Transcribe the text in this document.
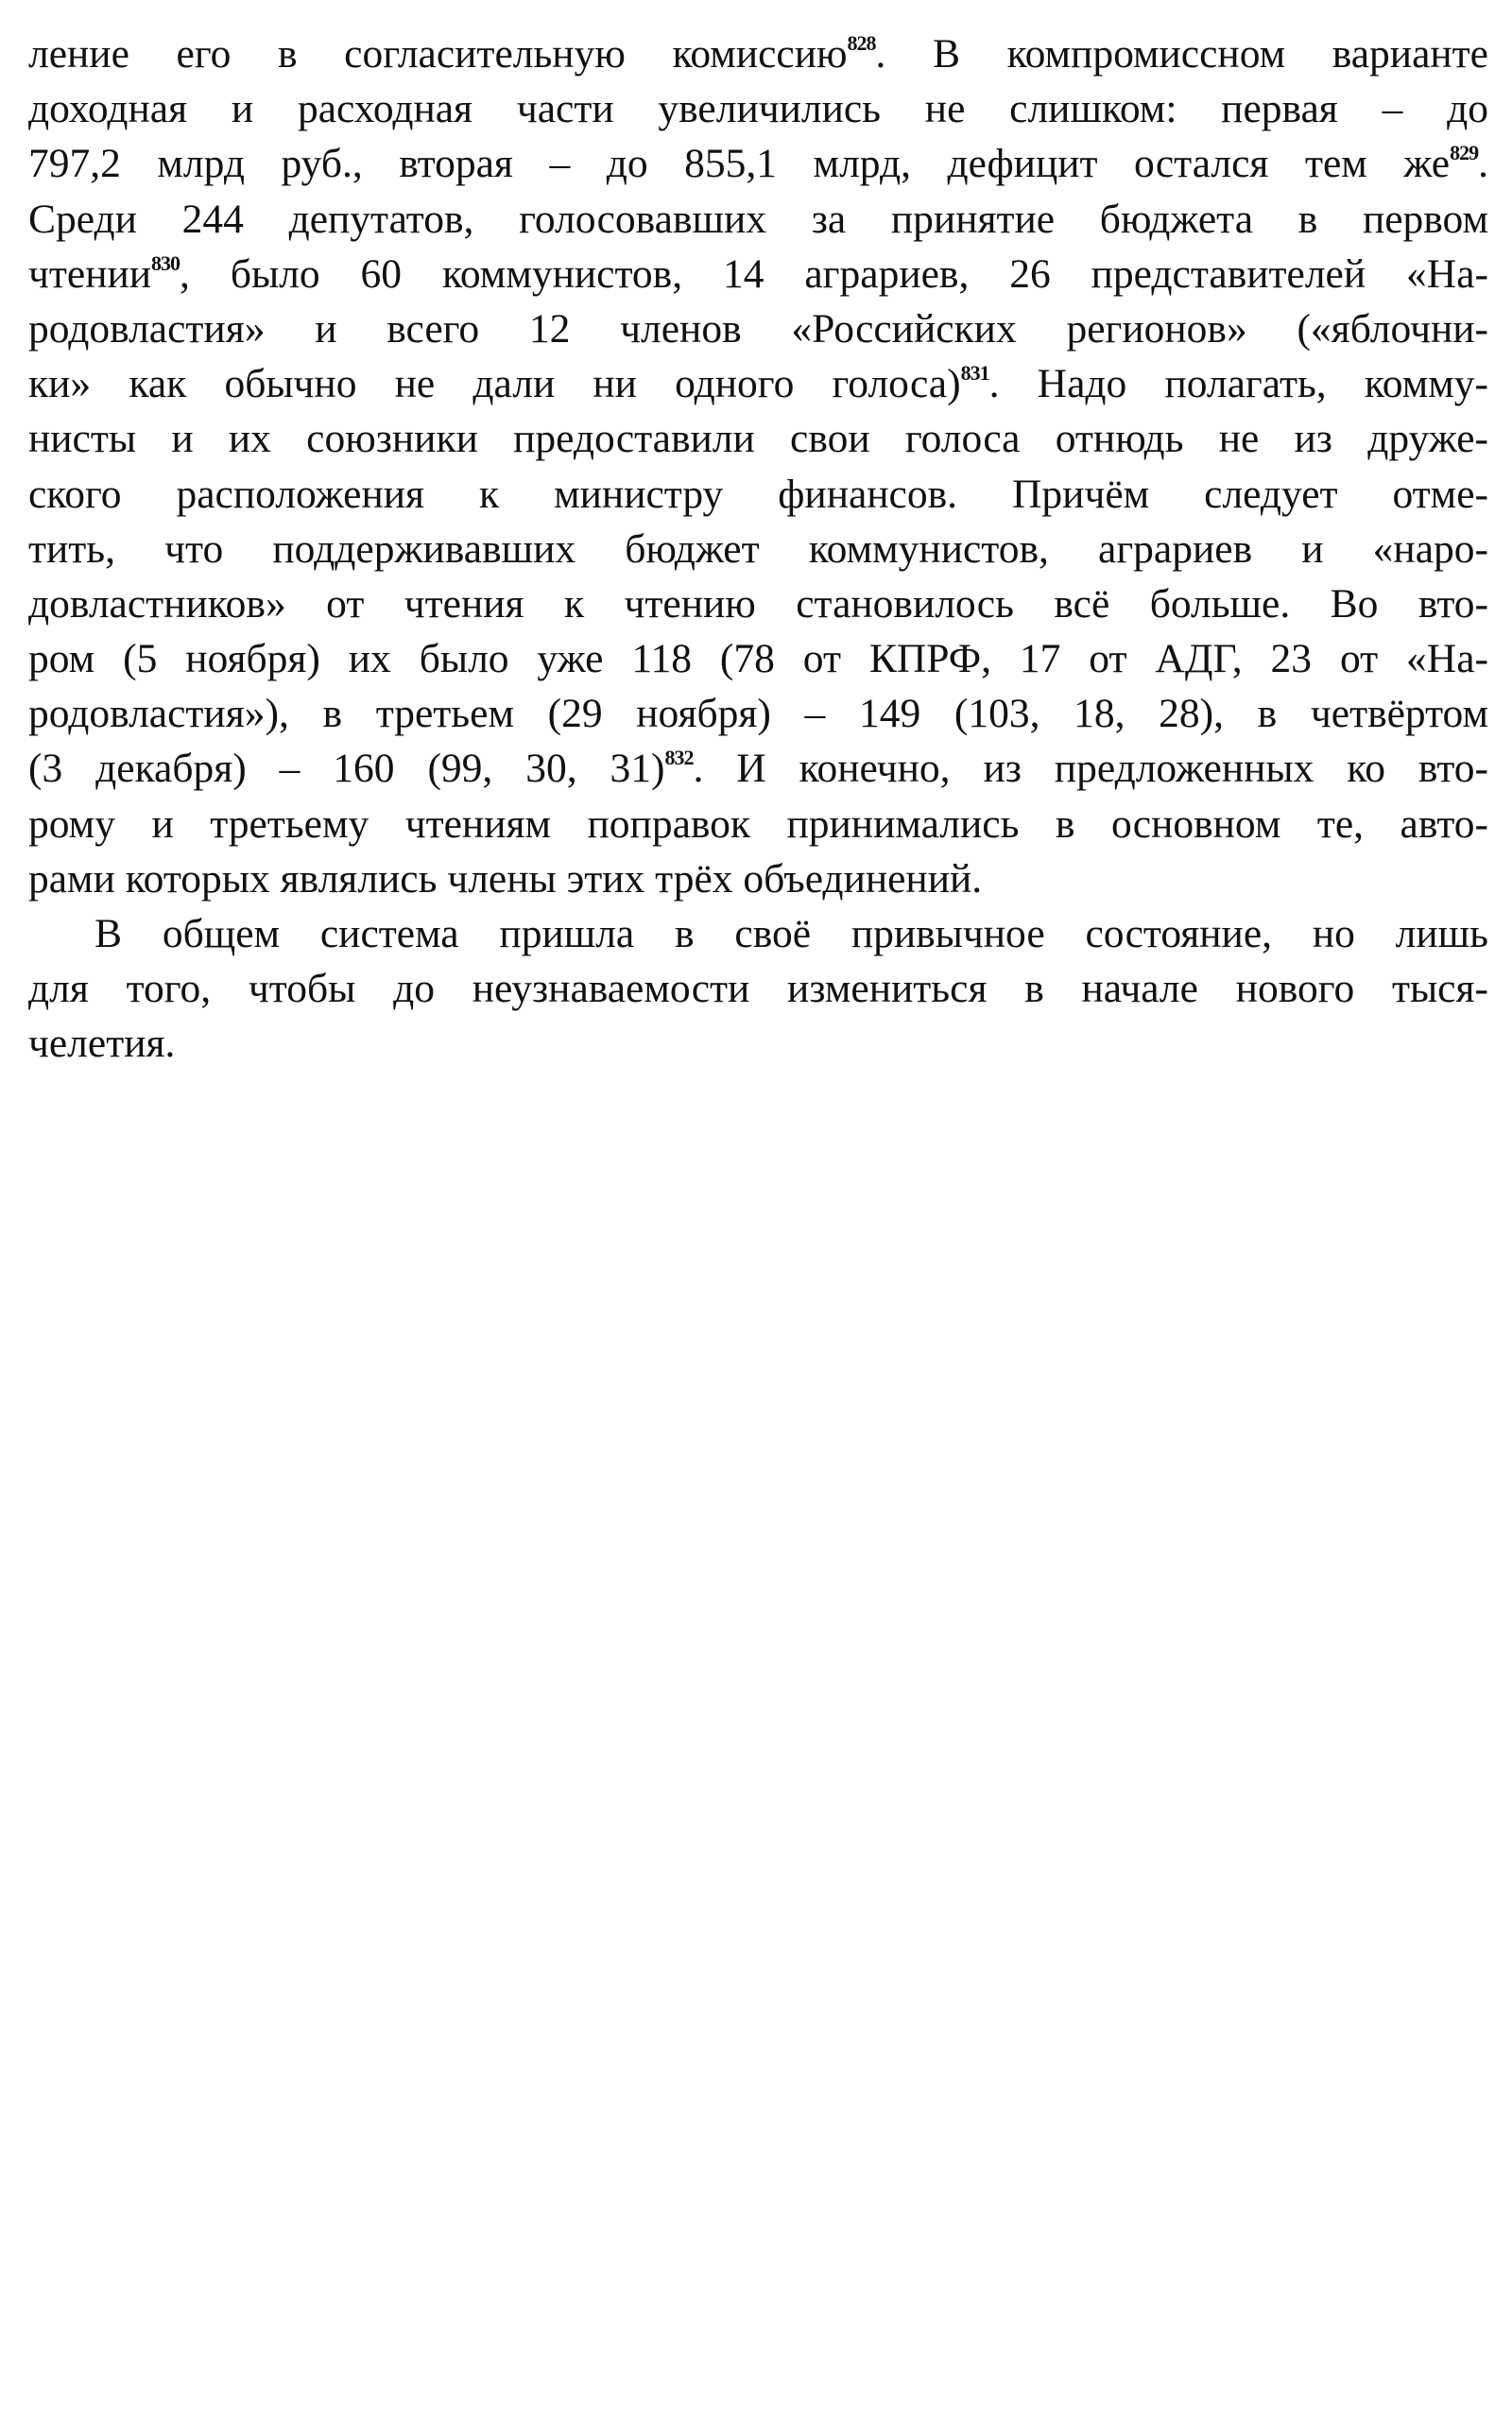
ление его в согласительную комиссию$^{828}$. В компромиссном варианте
доходная и расходная части увеличились не слишком: первая – до
797,2 млрд руб., вторая – до 855,1 млрд, дефицит остался тем $же^{829}$.
Среди 244 депутатов, голосовавших за принятие бюджета в первом
чтении$^{830}$, было 60 коммунистов, 14 аграриев, 26 представителей «На-
родовластия» и всего 12 членов «Российских регионов» («яблочни-
ки» как обычно не дали ни одного голоса)$^{831}$. Надо полагать, комму-
нисты и их союзники предоставили свои голоса отнюдь не из друже-
ского расположения к министру финансов. Причём следует отме-
тить, что поддерживавших бюджет коммунистов, аграриев и «наро-
довластников» от чтения к чтению становилось всё больше. Во вто-
ром (5 ноября) их было уже 118 (78 от КПРФ, 17 от АДГ, 23 от «На-
родовластия»), в третьем (29 ноября) – 149 (103, 18, 28), в четвёртом
(3 декабря) – 160 (99, 30, 31)$^{832}$. И конечно, из предложенных ко вто-
рому и третьему чтениям поправок принимались в основном те, авто-
рами которых являлись члены этих трёх объединений.
В общем система пришла в своё привычное состояние, но лишь
для того, чтобы до неузнаваемости измениться в начале нового тыся-
челетия.
